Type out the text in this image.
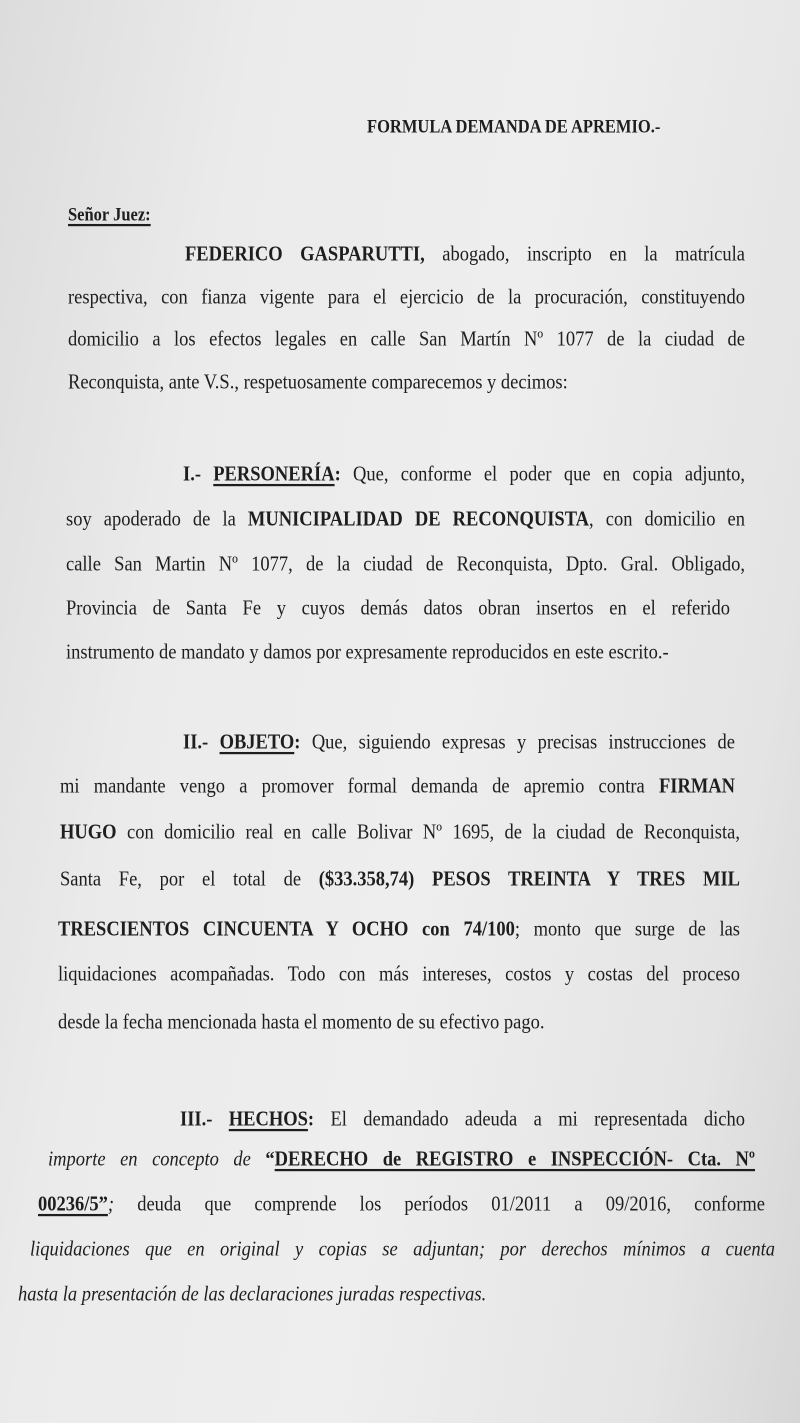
FORMULA DEMANDA DE APREMIO.-
Señor Juez:
FEDERICO GASPARUTTI, abogado, inscripto en la matrícula
respectiva, con fianza vigente para el ejercicio de la procuración, constituyendo
domicilio a los efectos legales en calle San Martín Nº 1077 de la ciudad de
Reconquista, ante V.S., respetuosamente comparecemos y decimos:
I.- PERSONERÍA: Que, conforme el poder que en copia adjunto,
soy apoderado de la MUNICIPALIDAD DE RECONQUISTA, con domicilio en
calle San Martin Nº 1077, de la ciudad de Reconquista, Dpto. Gral. Obligado,
Provincia de Santa Fe y cuyos demás datos obran insertos en el referido
instrumento de mandato y damos por expresamente reproducidos en este escrito.-
II.- OBJETO: Que, siguiendo expresas y precisas instrucciones de
mi mandante vengo a promover formal demanda de apremio contra FIRMAN
HUGO con domicilio real en calle Bolivar Nº 1695, de la ciudad de Reconquista,
Santa Fe, por el total de ($33.358,74) PESOS TREINTA Y TRES MIL
TRESCIENTOS CINCUENTA Y OCHO con 74/100; monto que surge de las
liquidaciones acompañadas. Todo con más intereses, costos y costas del proceso
desde la fecha mencionada hasta el momento de su efectivo pago.
III.- HECHOS: El demandado adeuda a mi representada dicho
importe en concepto de “DERECHO de REGISTRO e INSPECCIÓN- Cta. Nº
00236/5”; deuda que comprende los períodos 01/2011 a 09/2016, conforme
liquidaciones que en original y copias se adjuntan; por derechos mínimos a cuenta
hasta la presentación de las declaraciones juradas respectivas.
